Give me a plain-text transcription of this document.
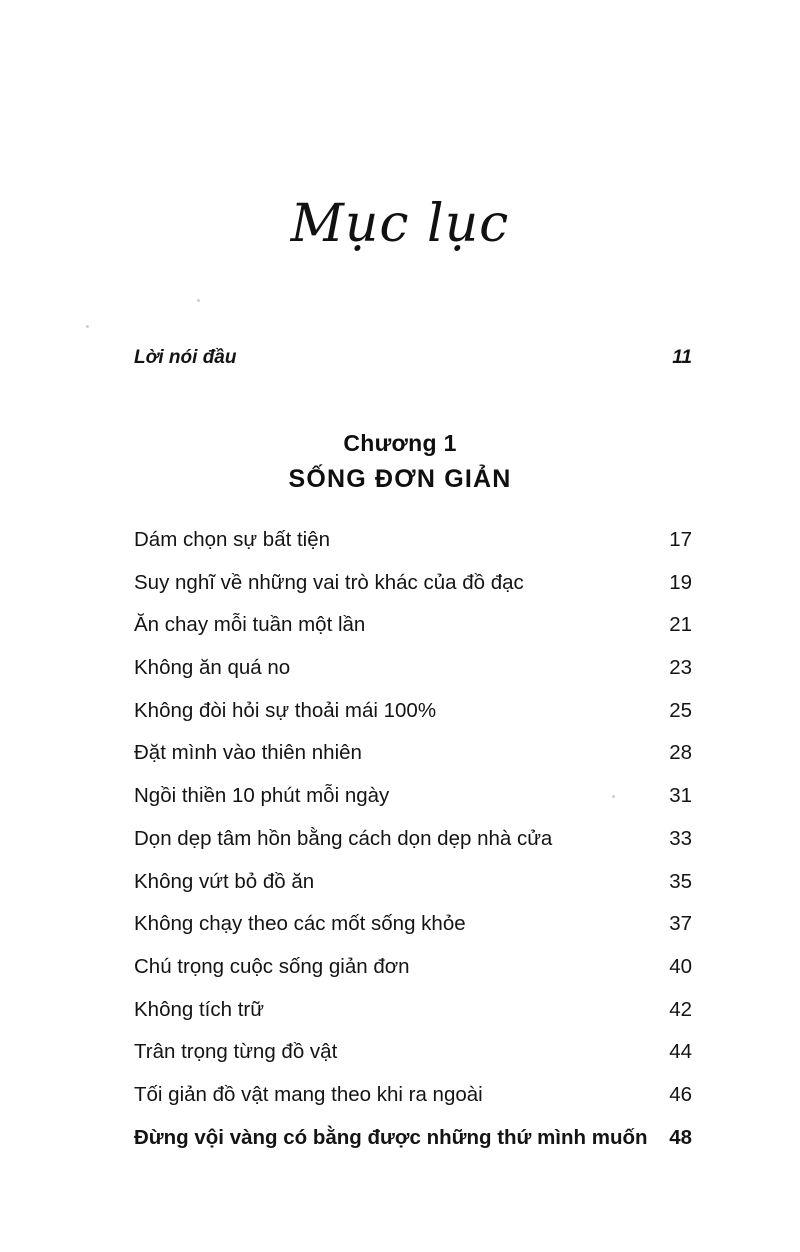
Mục lục
Lời nói đầu	11
Chương 1
SỐNG ĐƠN GIẢN
Dám chọn sự bất tiện	17
Suy nghĩ về những vai trò khác của đồ đạc	19
Ăn chay mỗi tuần một lần	21
Không ăn quá no	23
Không đòi hỏi sự thoải mái 100%	25
Đặt mình vào thiên nhiên	28
Ngồi thiền 10 phút mỗi ngày	31
Dọn dẹp tâm hồn bằng cách dọn dẹp nhà cửa	33
Không vứt bỏ đồ ăn	35
Không chạy theo các mốt sống khỏe	37
Chú trọng cuộc sống giản đơn	40
Không tích trữ	42
Trân trọng từng đồ vật	44
Tối giản đồ vật mang theo khi ra ngoài	46
Đừng vội vàng có bằng được những thứ mình muốn	48
